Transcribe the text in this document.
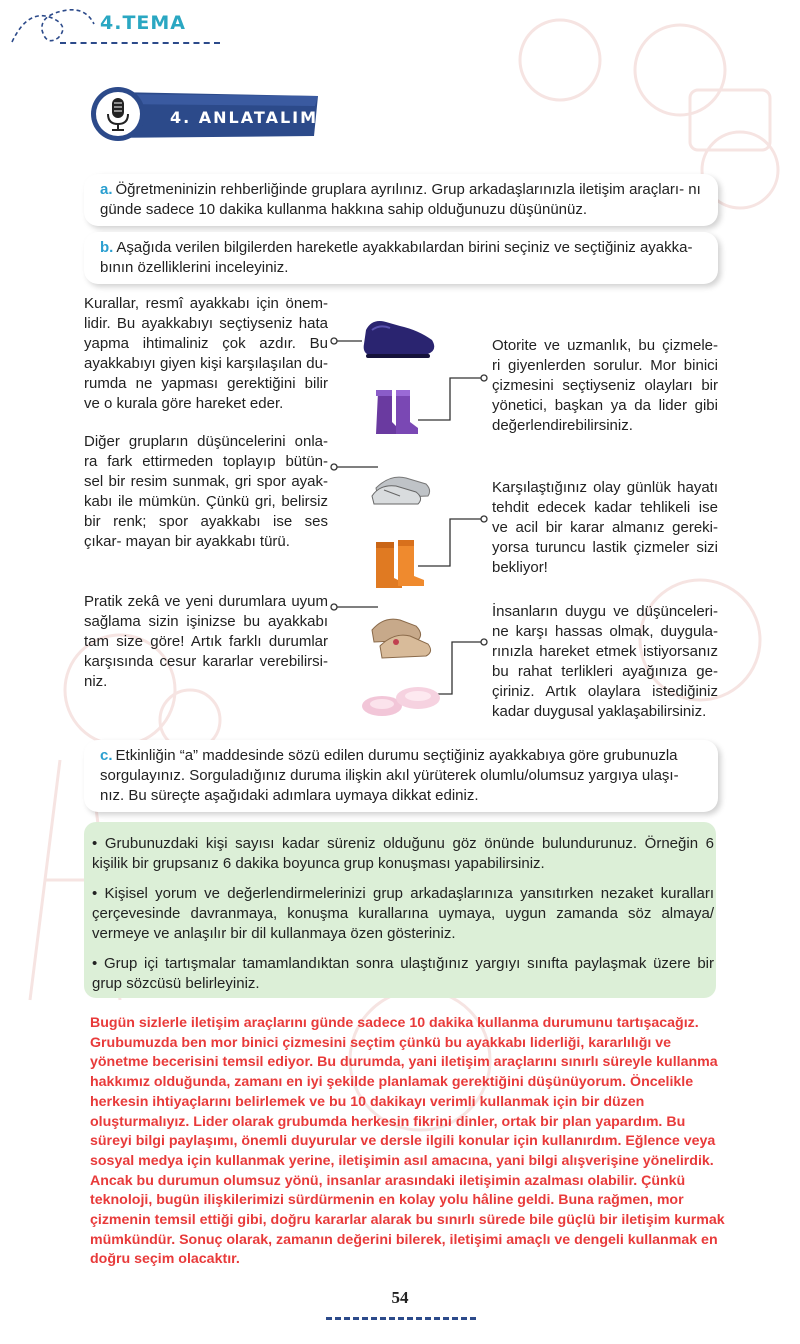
4.TEMA
4. ANLATALIM
a. Öğretmeninizin rehberliğinde gruplara ayrılınız. Grup arkadaşlarınızla iletişim araçları- nı günde sadece 10 dakika kullanma hakkına sahip olduğunuzu düşününüz.
b. Aşağıda verilen bilgilerden hareketle ayakkabılardan birini seçiniz ve seçtiğiniz ayakka- bının özelliklerini inceleyiniz.
Kurallar, resmî ayakkabı için önem- lidir. Bu ayakkabıyı seçtiyseniz hata yapma ihtimaliniz çok azdır. Bu ayakkabıyı giyen kişi karşılaşılan du- rumda ne yapması gerektiğini bilir ve o kurala göre hareket eder.
Diğer grupların düşüncelerini onla- ra fark ettirmeden toplayıp bütün- sel bir resim sunmak, gri spor ayak- kabı ile mümkün. Çünkü gri, belirsiz bir renk; spor ayakkabı ise ses çıkar- mayan bir ayakkabı türü.
Pratik zekâ ve yeni durumlara uyum sağlama sizin işinizse bu ayakkabı tam size göre! Artık farklı durumlar karşısında cesur kararlar verebilirsi- niz.
Otorite ve uzmanlık, bu çizmele- ri giyenlerden sorulur. Mor binici çizmesini seçtiyseniz olayları bir yönetici, başkan ya da lider gibi değerlendirebilirsiniz.
Karşılaştığınız olay günlük hayatı tehdit edecek kadar tehlikeli ise ve acil bir karar almanız gereki- yorsa turuncu lastik çizmeler sizi bekliyor!
İnsanların duygu ve düşünceleri- ne karşı hassas olmak, duygula- rınızla hareket etmek istiyorsanız bu rahat terlikleri ayağınıza ge- çiriniz. Artık olaylara istediğiniz kadar duygusal yaklaşabilirsiniz.
c. Etkinliğin “a” maddesinde sözü edilen durumu seçtiğiniz ayakkabıya göre grubunuzla sorgulayınız. Sorguladığınız duruma ilişkin akıl yürüterek olumlu/olumsuz yargıya ulaşı- nız. Bu süreçte aşağıdaki adımlara uymaya dikkat ediniz.
• Grubunuzdaki kişi sayısı kadar süreniz olduğunu göz önünde bulundurunuz. Örneğin 6 kişilik bir grupsanız 6 dakika boyunca grup konuşması yapabilirsiniz.
• Kişisel yorum ve değerlendirmelerinizi grup arkadaşlarınıza yansıtırken nezaket kuralları çerçevesinde davranmaya, konuşma kurallarına uymaya, uygun zamanda söz almaya/ vermeye ve anlaşılır bir dil kullanmaya özen gösteriniz.
• Grup içi tartışmalar tamamlandıktan sonra ulaştığınız yargıyı sınıfta paylaşmak üzere bir grup sözcüsü belirleyiniz.
Bugün sizlerle iletişim araçlarını günde sadece 10 dakika kullanma durumunu tartışacağız. Grubumuzda ben mor binici çizmesini seçtim çünkü bu ayakkabı liderliği, kararlılığı ve yönetme becerisini temsil ediyor. Bu durumda, yani iletişim araçlarını sınırlı süreyle kullanma hakkımız olduğunda, zamanı en iyi şekilde planlamak gerektiğini düşünüyorum. Öncelikle herkesin ihtiyaçlarını belirlemek ve bu 10 dakikayı verimli kullanmak için bir düzen oluşturmalıyız. Lider olarak grubumda herkesin fikrini dinler, ortak bir plan yapardım. Bu süreyi bilgi paylaşımı, önemli duyurular ve dersle ilgili konular için kullanırdım. Eğlence veya sosyal medya için kullanmak yerine, iletişimin asıl amacına, yani bilgi alışverişine yönelirdik. Ancak bu durumun olumsuz yönü, insanlar arasındaki iletişimin azalması olabilir. Çünkü teknoloji, bugün ilişkilerimizi sürdürmenin en kolay yolu hâline geldi. Buna rağmen, mor çizmenin temsil ettiği gibi, doğru kararlar alarak bu sınırlı sürede bile güçlü bir iletişim kurmak mümkündür. Sonuç olarak, zamanın değerini bilerek, iletişimi amaçlı ve dengeli kullanmak en doğru seçim olacaktır.
54
